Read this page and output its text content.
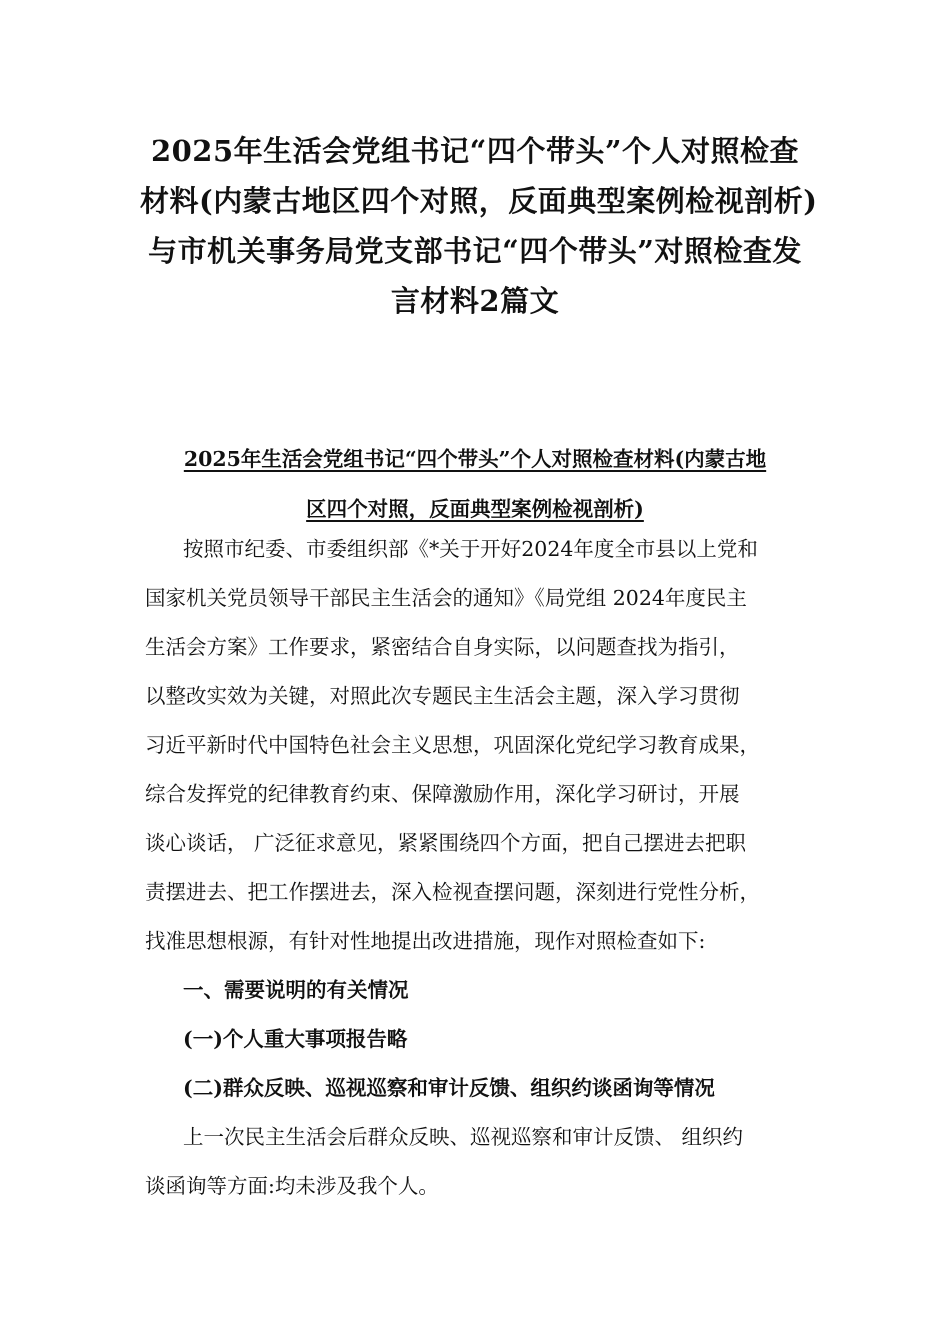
2025年生活会党组书记“四个带头”个人对照检查
材料(内蒙古地区四个对照，反面典型案例检视剖析)
与市机关事务局党支部书记“四个带头”对照检查发
言材料2篇文
2025年生活会党组书记“四个带头”个人对照检查材料(内蒙古地
区四个对照，反面典型案例检视剖析)
按照市纪委、市委组织部《*关于开好2024年度全市县以上党和
国家机关党员领导干部民主生活会的通知》《局党组 2024年度民主
生活会方案》工作要求，紧密结合自身实际，以问题查找为指引，
以整改实效为关键，对照此次专题民主生活会主题，深入学习贯彻
习近平新时代中国特色社会主义思想，巩固深化党纪学习教育成果，
综合发挥党的纪律教育约束、保障激励作用，深化学习研讨，开展
谈心谈话， 广泛征求意见，紧紧围绕四个方面，把自己摆进去把职
责摆进去、把工作摆进去，深入检视查摆问题，深刻进行党性分析，
找准思想根源，有针对性地提出改进措施，现作对照检查如下:
一、需要说明的有关情况
(一)个人重大事项报告略
(二)群众反映、巡视巡察和审计反馈、组织约谈函询等情况
上一次民主生活会后群众反映、巡视巡察和审计反馈、 组织约
谈函询等方面:均未涉及我个人。
